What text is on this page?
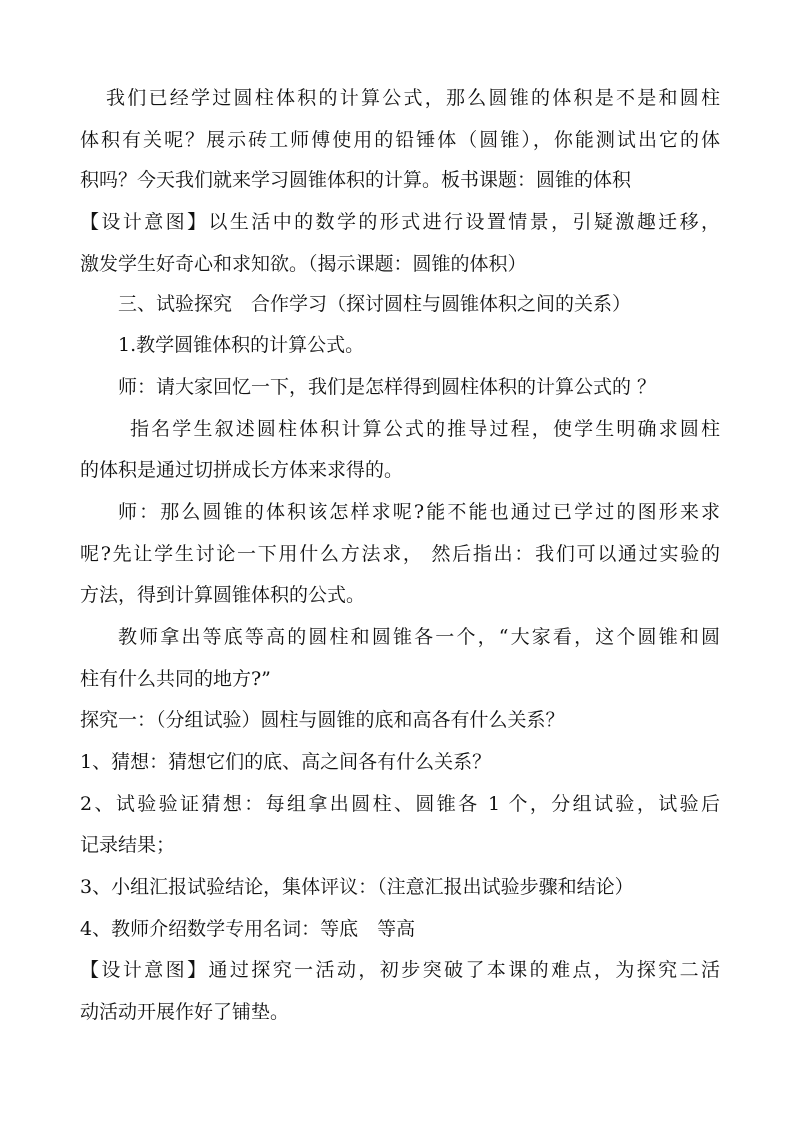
我们已经学过圆柱体积的计算公式，那么圆锥的体积是不是和圆柱
体积有关呢？展示砖工师傅使用的铅锤体（圆锥），你能测试出它的体
积吗？今天我们就来学习圆锥体积的计算。板书课题：圆锥的体积
【设计意图】以生活中的数学的形式进行设置情景，引疑激趣迁移，
激发学生好奇心和求知欲。（揭示课题：圆锥的体积）
三、试验探究　合作学习（探讨圆柱与圆锥体积之间的关系）
1.教学圆锥体积的计算公式。
师：请大家回忆一下，我们是怎样得到圆柱体积的计算公式的 ？
指名学生叙述圆柱体积计算公式的推导过程，使学生明确求圆柱
的体积是通过切拼成长方体来求得的。
师：那么圆锥的体积该怎样求呢?能不能也通过已学过的图形来求
呢?先让学生讨论一下用什么方法求， 然后指出：我们可以通过实验的
方法，得到计算圆锥体积的公式。
教师拿出等底等高的圆柱和圆锥各一个，“大家看，这个圆锥和圆
柱有什么共同的地方?”
探究一：（分组试验）圆柱与圆锥的底和高各有什么关系？
1、猜想：猜想它们的底、高之间各有什么关系？
2、试验验证猜想：每组拿出圆柱、圆锥各 1 个，分组试验，试验后
记录结果；
3、小组汇报试验结论，集体评议：（注意汇报出试验步骤和结论）
4、教师介绍数学专用名词：等底　等高
【设计意图】通过探究一活动，初步突破了本课的难点，为探究二活
动活动开展作好了铺垫。
